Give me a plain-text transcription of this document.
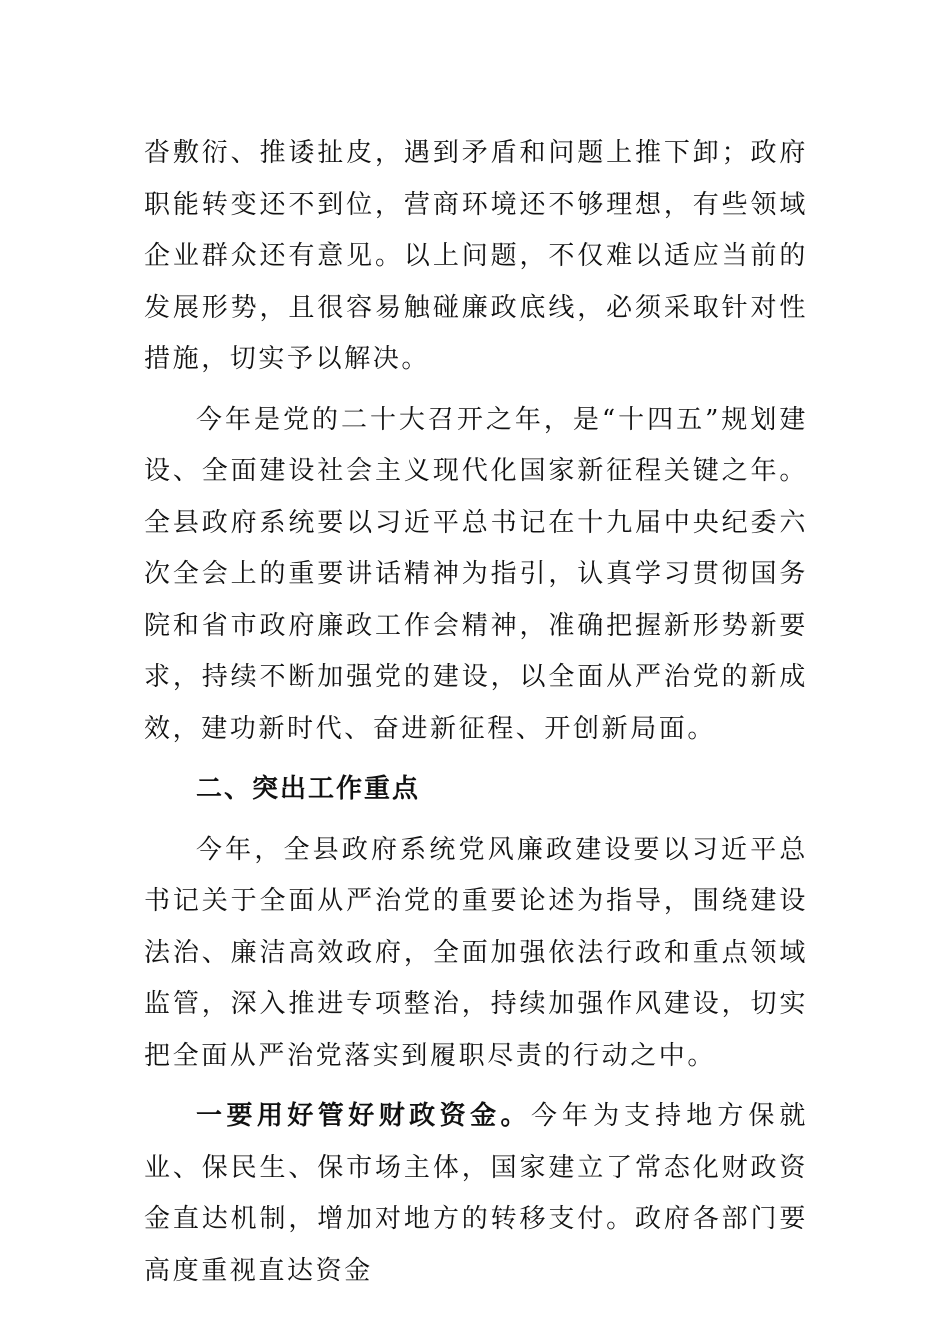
沓敷衍、推诿扯皮，遇到矛盾和问题上推下卸；政府职能转变还不到位，营商环境还不够理想，有些领域企业群众还有意见。以上问题，不仅难以适应当前的发展形势，且很容易触碰廉政底线，必须采取针对性措施，切实予以解决。

今年是党的二十大召开之年，是“十四五”规划建设、全面建设社会主义现代化国家新征程关键之年。全县政府系统要以习近平总书记在十九届中央纪委六次全会上的重要讲话精神为指引，认真学习贯彻国务院和省市政府廉政工作会精神，准确把握新形势新要求，持续不断加强党的建设，以全面从严治党的新成效，建功新时代、奋进新征程、开创新局面。

二、突出工作重点

今年，全县政府系统党风廉政建设要以习近平总书记关于全面从严治党的重要论述为指导，围绕建设法治、廉洁高效政府，全面加强依法行政和重点领域监管，深入推进专项整治，持续加强作风建设，切实把全面从严治党落实到履职尽责的行动之中。

一要用好管好财政资金。今年为支持地方保就业、保民生、保市场主体，国家建立了常态化财政资金直达机制，增加对地方的转移支付。政府各部门要高度重视直达资金
